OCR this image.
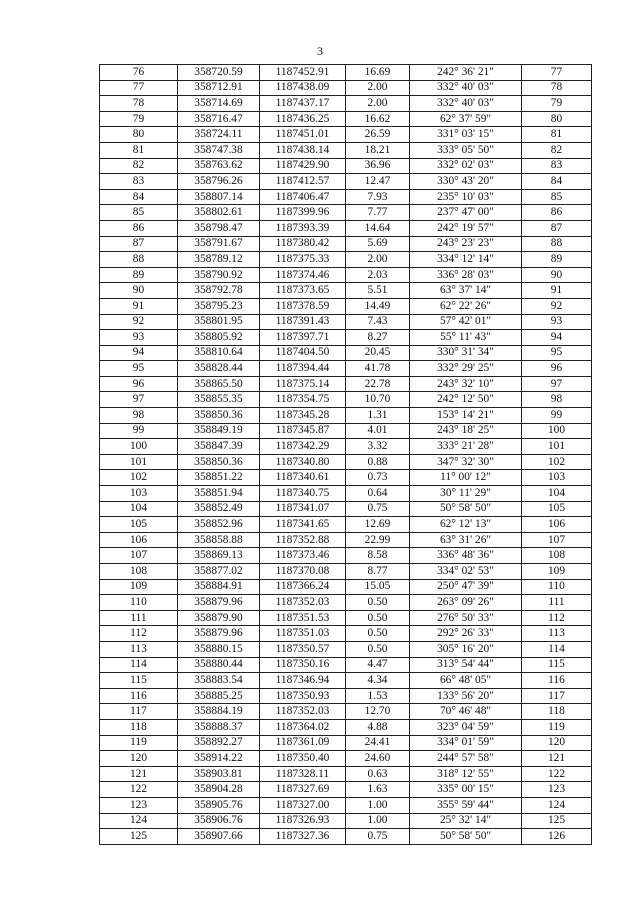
3
76	358720.59	1187452.91	16.69	242° 36' 21"	77
77	358712.91	1187438.09	2.00	332° 40' 03"	78
78	358714.69	1187437.17	2.00	332° 40' 03"	79
79	358716.47	1187436.25	16.62	62° 37' 59"	80
80	358724.11	1187451.01	26.59	331° 03' 15"	81
81	358747.38	1187438.14	18.21	333° 05' 50"	82
82	358763.62	1187429.90	36.96	332° 02' 03"	83
83	358796.26	1187412.57	12.47	330° 43' 20"	84
84	358807.14	1187406.47	7.93	235° 10' 03"	85
85	358802.61	1187399.96	7.77	237° 47' 00"	86
86	358798.47	1187393.39	14.64	242° 19' 57"	87
87	358791.67	1187380.42	5.69	243° 23' 23"	88
88	358789.12	1187375.33	2.00	334° 12' 14"	89
89	358790.92	1187374.46	2.03	336° 28' 03"	90
90	358792.78	1187373.65	5.51	63° 37' 14"	91
91	358795.23	1187378.59	14.49	62° 22' 26"	92
92	358801.95	1187391.43	7.43	57° 42' 01"	93
93	358805.92	1187397.71	8.27	55° 11' 43"	94
94	358810.64	1187404.50	20.45	330° 31' 34"	95
95	358828.44	1187394.44	41.78	332° 29' 25"	96
96	358865.50	1187375.14	22.78	243° 32' 10"	97
97	358855.35	1187354.75	10.70	242° 12' 50"	98
98	358850.36	1187345.28	1.31	153° 14' 21"	99
99	358849.19	1187345.87	4.01	243° 18' 25"	100
100	358847.39	1187342.29	3.32	333° 21' 28"	101
101	358850.36	1187340.80	0.88	347° 32' 30"	102
102	358851.22	1187340.61	0.73	11° 00' 12"	103
103	358851.94	1187340.75	0.64	30° 11' 29"	104
104	358852.49	1187341.07	0.75	50° 58' 50"	105
105	358852.96	1187341.65	12.69	62° 12' 13"	106
106	358858.88	1187352.88	22.99	63° 31' 26"	107
107	358869.13	1187373.46	8.58	336° 48' 36"	108
108	358877.02	1187370.08	8.77	334° 02' 53"	109
109	358884.91	1187366.24	15.05	250° 47' 39"	110
110	358879.96	1187352.03	0.50	263° 09' 26"	111
111	358879.90	1187351.53	0.50	276° 50' 33"	112
112	358879.96	1187351.03	0.50	292° 26' 33"	113
113	358880.15	1187350.57	0.50	305° 16' 20"	114
114	358880.44	1187350.16	4.47	313° 54' 44"	115
115	358883.54	1187346.94	4.34	66° 48' 05"	116
116	358885.25	1187350.93	1.53	133° 56' 20"	117
117	358884.19	1187352.03	12.70	70° 46' 48"	118
118	358888.37	1187364.02	4.88	323° 04' 59"	119
119	358892.27	1187361.09	24.41	334° 01' 59"	120
120	358914.22	1187350.40	24.60	244° 57' 58"	121
121	358903.81	1187328.11	0.63	318° 12' 55"	122
122	358904.28	1187327.69	1.63	335° 00' 15"	123
123	358905.76	1187327.00	1.00	355° 59' 44"	124
124	358906.76	1187326.93	1.00	25° 32' 14"	125
125	358907.66	1187327.36	0.75	50° 58' 50"	126
